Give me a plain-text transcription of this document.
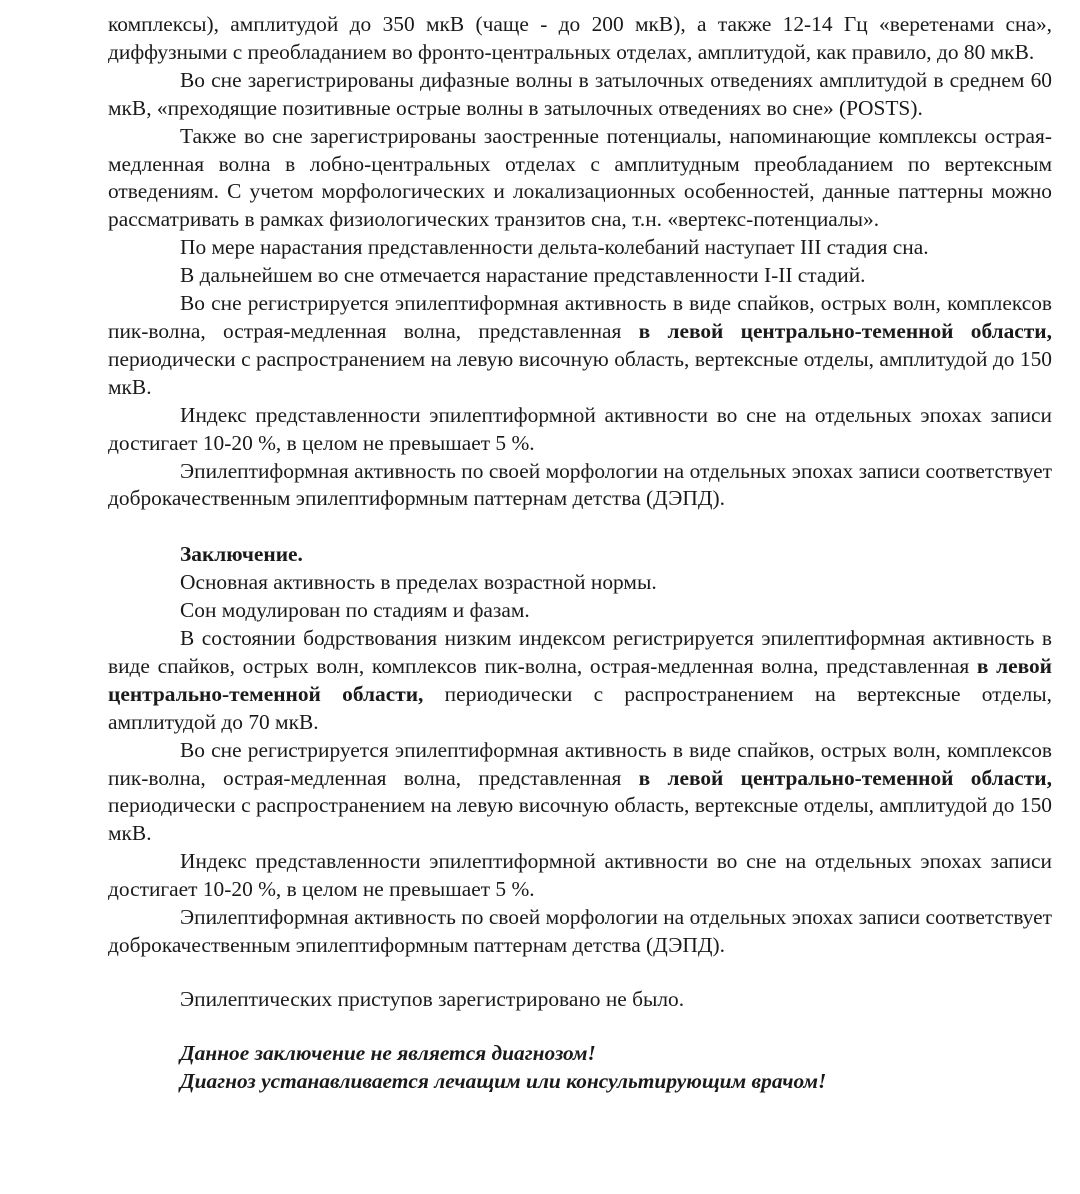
комплексы), амплитудой до 350 мкВ (чаще - до 200 мкВ), а также 12-14 Гц «веретенами сна», диффузными с преобладанием во фронто-центральных отделах, амплитудой, как правило, до 80 мкВ.

Во сне зарегистрированы дифазные волны в затылочных отведениях амплитудой в среднем 60 мкВ, «преходящие позитивные острые волны в затылочных отведениях во сне» (POSTS).

Также во сне зарегистрированы заостренные потенциалы, напоминающие комплексы острая-медленная волна в лобно-центральных отделах с амплитудным преобладанием по вертексным отведениям. С учетом морфологических и локализационных особенностей, данные паттерны можно рассматривать в рамках физиологических транзитов сна, т.н. «вертекс-потенциалы».

По мере нарастания представленности дельта-колебаний наступает III стадия сна.

В дальнейшем во сне отмечается нарастание представленности I-II стадий.

Во сне регистрируется эпилептиформная активность в виде спайков, острых волн, комплексов пик-волна, острая-медленная волна, представленная в левой центрально-теменной области, периодически с распространением на левую височную область, вертексные отделы, амплитудой до 150 мкВ.

Индекс представленности эпилептиформной активности во сне на отдельных эпохах записи достигает 10-20 %, в целом не превышает 5 %.

Эпилептиформная активность по своей морфологии на отдельных эпохах записи соответствует доброкачественным эпилептиформным паттернам детства (ДЭПД).

Заключение.

Основная активность в пределах возрастной нормы.

Сон модулирован по стадиям и фазам.

В состоянии бодрствования низким индексом регистрируется эпилептиформная активность в виде спайков, острых волн, комплексов пик-волна, острая-медленная волна, представленная в левой центрально-теменной области, периодически с распространением на вертексные отделы, амплитудой до 70 мкВ.

Во сне регистрируется эпилептиформная активность в виде спайков, острых волн, комплексов пик-волна, острая-медленная волна, представленная в левой центрально-теменной области, периодически с распространением на левую височную область, вертексные отделы, амплитудой до 150 мкВ.

Индекс представленности эпилептиформной активности во сне на отдельных эпохах записи достигает 10-20 %, в целом не превышает 5 %.

Эпилептиформная активность по своей морфологии на отдельных эпохах записи соответствует доброкачественным эпилептиформным паттернам детства (ДЭПД).

Эпилептических приступов зарегистрировано не было.

Данное заключение не является диагнозом!

Диагноз устанавливается лечащим или консультирующим врачом!
